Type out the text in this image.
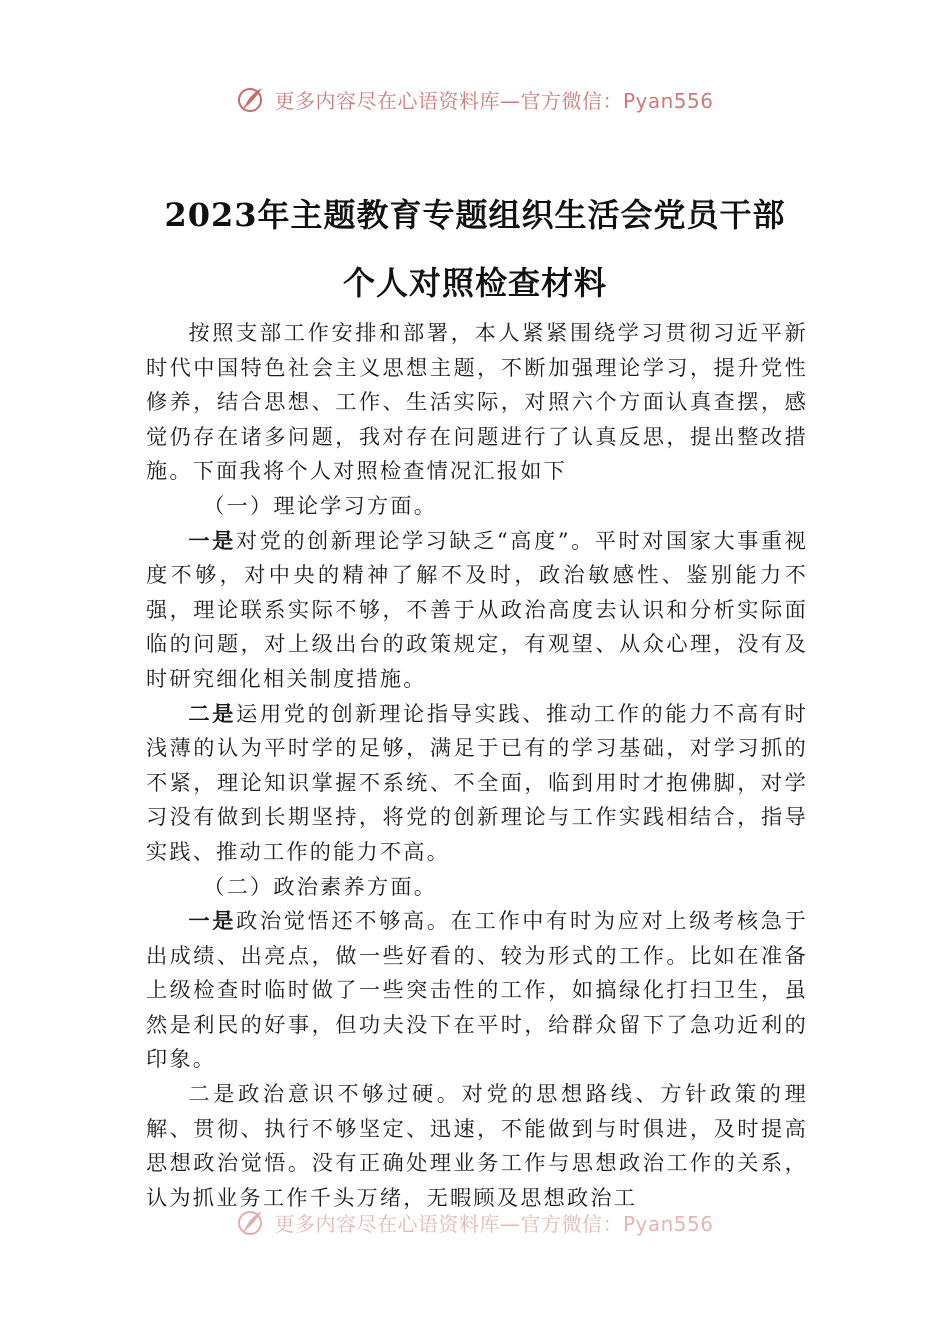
更多内容尽在心语资料库—官方微信：Pyan556
2023年主题教育专题组织生活会党员干部
个人对照检查材料

按照支部工作安排和部署，本人紧紧围绕学习贯彻习近平新时代中国特色社会主义思想主题，不断加强理论学习，提升党性修养，结合思想、工作、生活实际，对照六个方面认真查摆，感觉仍存在诸多问题，我对存在问题进行了认真反思，提出整改措施。下面我将个人对照检查情况汇报如下

（一）理论学习方面。

一是对党的创新理论学习缺乏“高度”。平时对国家大事重视度不够，对中央的精神了解不及时，政治敏感性、鉴别能力不强，理论联系实际不够，不善于从政治高度去认识和分析实际面临的问题，对上级出台的政策规定，有观望、从众心理，没有及时研究细化相关制度措施。

二是运用党的创新理论指导实践、推动工作的能力不高有时浅薄的认为平时学的足够，满足于已有的学习基础，对学习抓的不紧，理论知识掌握不系统、不全面，临到用时才抱佛脚，对学习没有做到长期坚持，将党的创新理论与工作实践相结合，指导实践、推动工作的能力不高。

（二）政治素养方面。

一是政治觉悟还不够高。在工作中有时为应对上级考核急于出成绩、出亮点，做一些好看的、较为形式的工作。比如在准备上级检查时临时做了一些突击性的工作，如搞绿化打扫卫生，虽然是利民的好事，但功夫没下在平时，给群众留下了急功近利的印象。

二是政治意识不够过硬。对党的思想路线、方针政策的理解、贯彻、执行不够坚定、迅速，不能做到与时俱进，及时提高思想政治觉悟。没有正确处理业务工作与思想政治工作的关系，认为抓业务工作千头万绪，无暇顾及思想政治工

更多内容尽在心语资料库—官方微信：Pyan556
